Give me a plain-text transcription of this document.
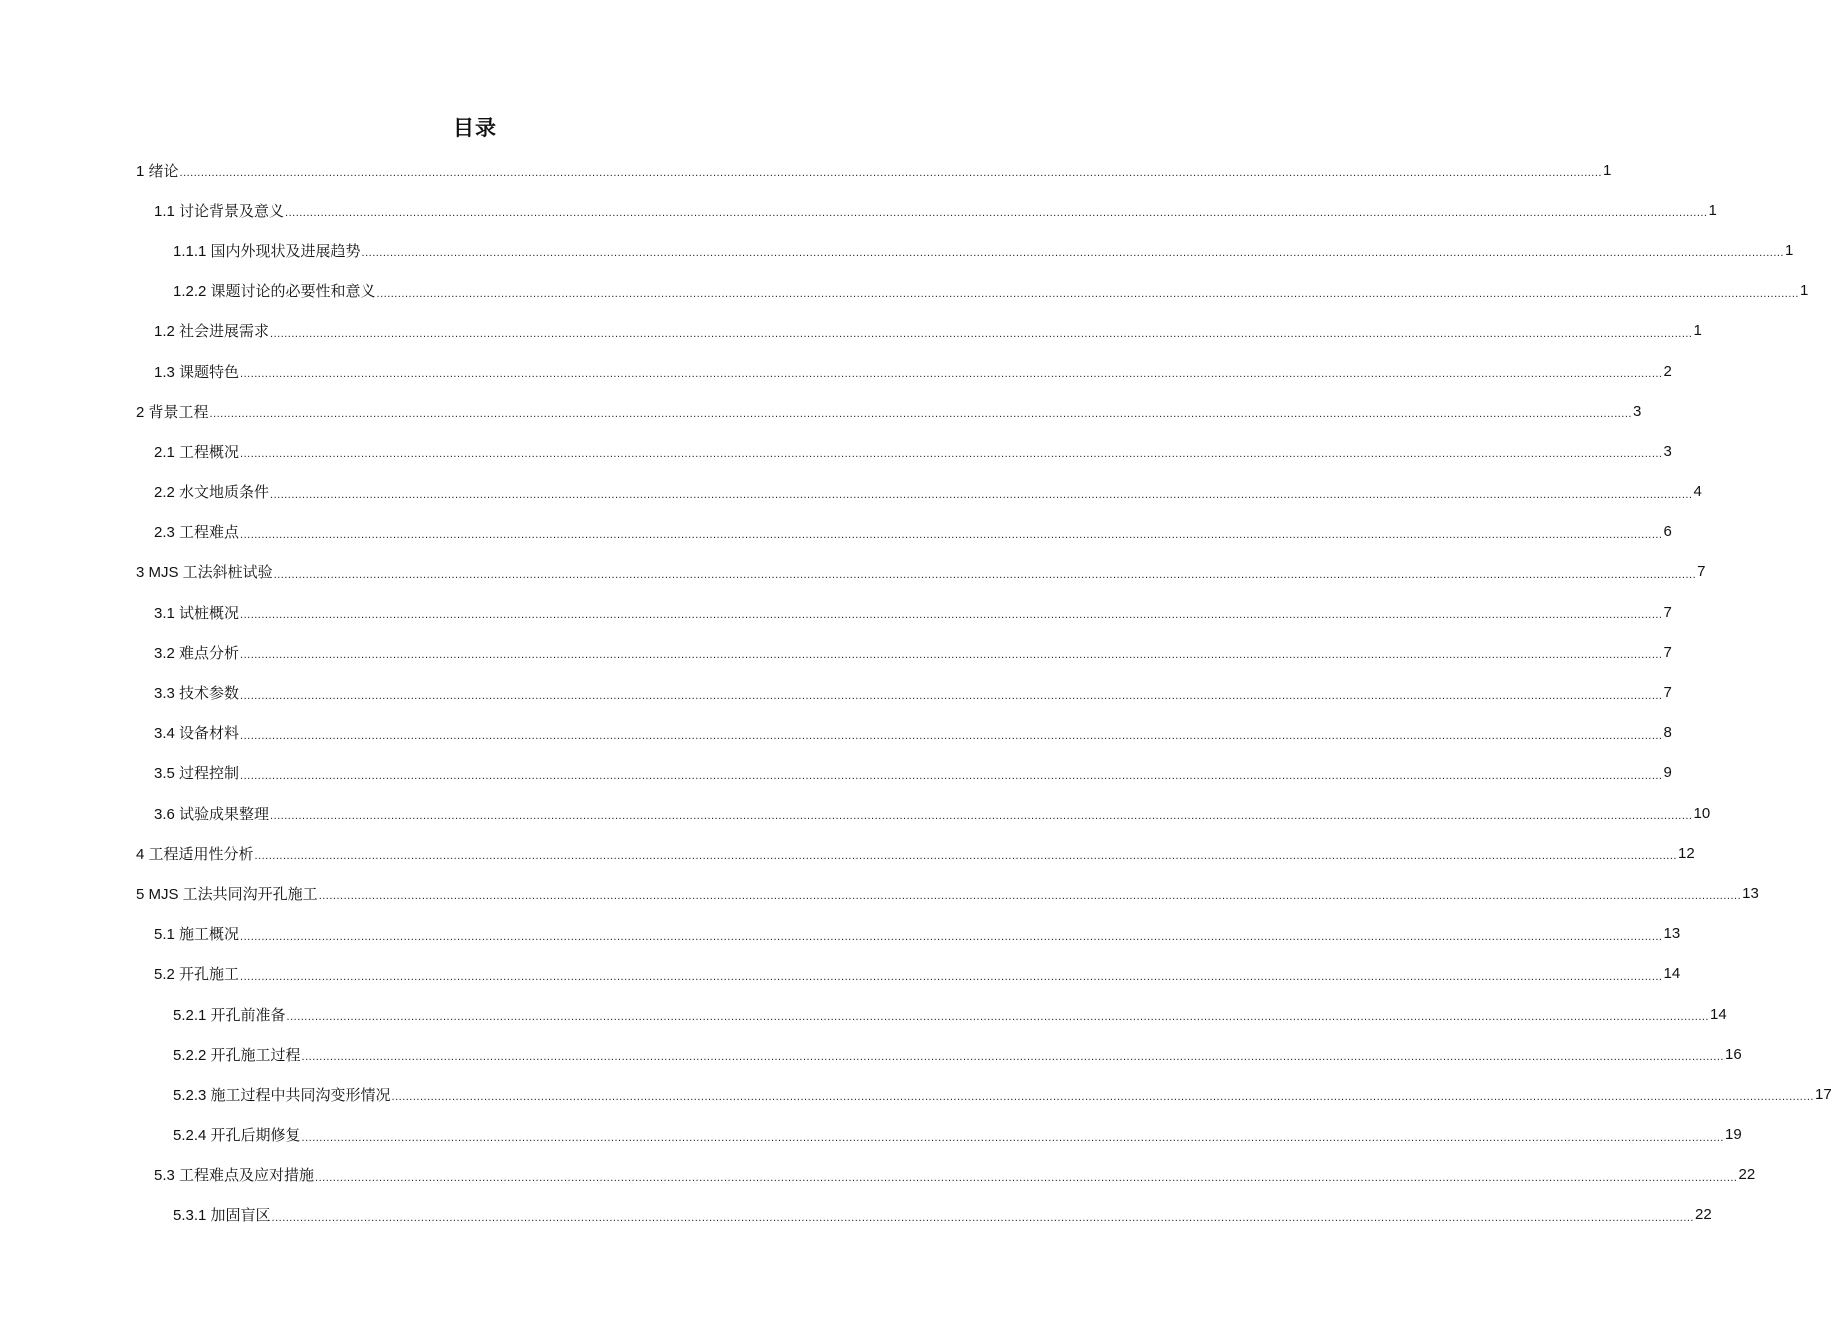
目录
1 绪论 ................................................................................................................................................................................................................................................................................................................................................................................................................ 1
1.1 讨论背景及意义 ................................................................................................................................................................................................................................................................................................................................................................................................................ 1
1.1.1 国内外现状及进展趋势 ................................................................................................................................................................................................................................................................................................................................................................................................................ 1
1.2.2 课题讨论的必要性和意义 ................................................................................................................................................................................................................................................................................................................................................................................................................ 1
1.2 社会进展需求 ................................................................................................................................................................................................................................................................................................................................................................................................................ 1
1.3 课题特色 ................................................................................................................................................................................................................................................................................................................................................................................................................ 2
2 背景工程 ................................................................................................................................................................................................................................................................................................................................................................................................................ 3
2.1 工程概况 ................................................................................................................................................................................................................................................................................................................................................................................................................ 3
2.2 水文地质条件 ................................................................................................................................................................................................................................................................................................................................................................................................................ 4
2.3 工程难点 ................................................................................................................................................................................................................................................................................................................................................................................................................ 6
3 MJS 工法斜桩试验 ................................................................................................................................................................................................................................................................................................................................................................................................................ 7
3.1 试桩概况 ................................................................................................................................................................................................................................................................................................................................................................................................................ 7
3.2 难点分析 ................................................................................................................................................................................................................................................................................................................................................................................................................ 7
3.3 技术参数 ................................................................................................................................................................................................................................................................................................................................................................................................................ 7
3.4 设备材料 ................................................................................................................................................................................................................................................................................................................................................................................................................ 8
3.5 过程控制 ................................................................................................................................................................................................................................................................................................................................................................................................................ 9
3.6 试验成果整理 ................................................................................................................................................................................................................................................................................................................................................................................................................ 10
4 工程适用性分析 ................................................................................................................................................................................................................................................................................................................................................................................................................ 12
5 MJS 工法共同沟开孔施工 ................................................................................................................................................................................................................................................................................................................................................................................................................ 13
5.1 施工概况 ................................................................................................................................................................................................................................................................................................................................................................................................................ 13
5.2 开孔施工 ................................................................................................................................................................................................................................................................................................................................................................................................................ 14
5.2.1 开孔前准备 ................................................................................................................................................................................................................................................................................................................................................................................................................ 14
5.2.2 开孔施工过程 ................................................................................................................................................................................................................................................................................................................................................................................................................ 16
5.2.3 施工过程中共同沟变形情况 ................................................................................................................................................................................................................................................................................................................................................................................................................ 17
5.2.4 开孔后期修复 ................................................................................................................................................................................................................................................................................................................................................................................................................ 19
5.3 工程难点及应对措施 ................................................................................................................................................................................................................................................................................................................................................................................................................ 22
5.3.1 加固盲区 ................................................................................................................................................................................................................................................................................................................................................................................................................ 22
